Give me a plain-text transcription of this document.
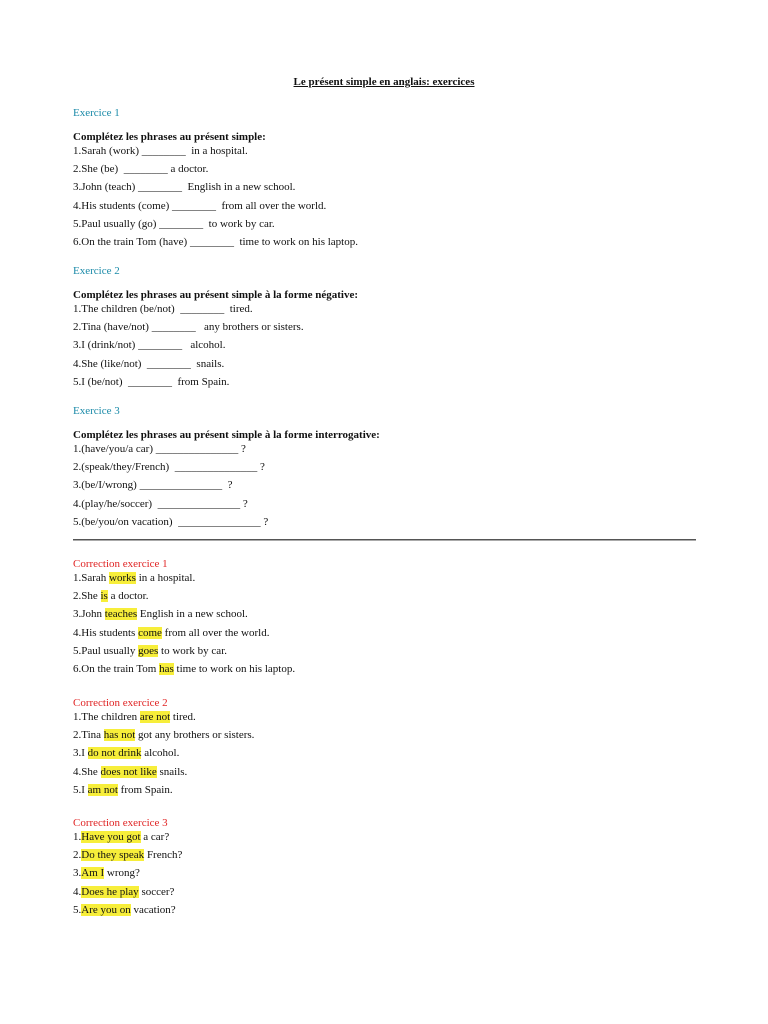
Le présent simple en anglais: exercices
Exercice 1
Complétez les phrases au présent simple:
1.Sarah (work) ________  in a hospital.
2.She (be)  ________ a doctor.
3.John (teach) ________  English in a new school.
4.His students (come) ________  from all over the world.
5.Paul usually (go) ________  to work by car.
6.On the train Tom (have) ________  time to work on his laptop.
Exercice 2
Complétez les phrases au présent simple à la forme négative:
1.The children (be/not)  ________  tired.
2.Tina (have/not) ________   any brothers or sisters.
3.I (drink/not) ________   alcohol.
4.She (like/not)  ________  snails.
5.I (be/not)  ________  from Spain.
Exercice 3
Complétez les phrases au présent simple à la forme interrogative:
1.(have/you/a car) _______________ ?
2.(speak/they/French)  _______________ ?
3.(be/I/wrong) _______________  ?
4.(play/he/soccer)  _______________ ?
5.(be/you/on vacation)  _______________ ?
Correction exercice 1
1.Sarah works in a hospital.
2.She is a doctor.
3.John teaches English in a new school.
4.His students come from all over the world.
5.Paul usually goes to work by car.
6.On the train Tom has time to work on his laptop.
Correction exercice 2
1.The children are not tired.
2.Tina has not got any brothers or sisters.
3.I do not drink alcohol.
4.She does not like snails.
5.I am not from Spain.
Correction exercice 3
1.Have you got a car?
2.Do they speak French?
3.Am I wrong?
4.Does he play soccer?
5.Are you on vacation?
